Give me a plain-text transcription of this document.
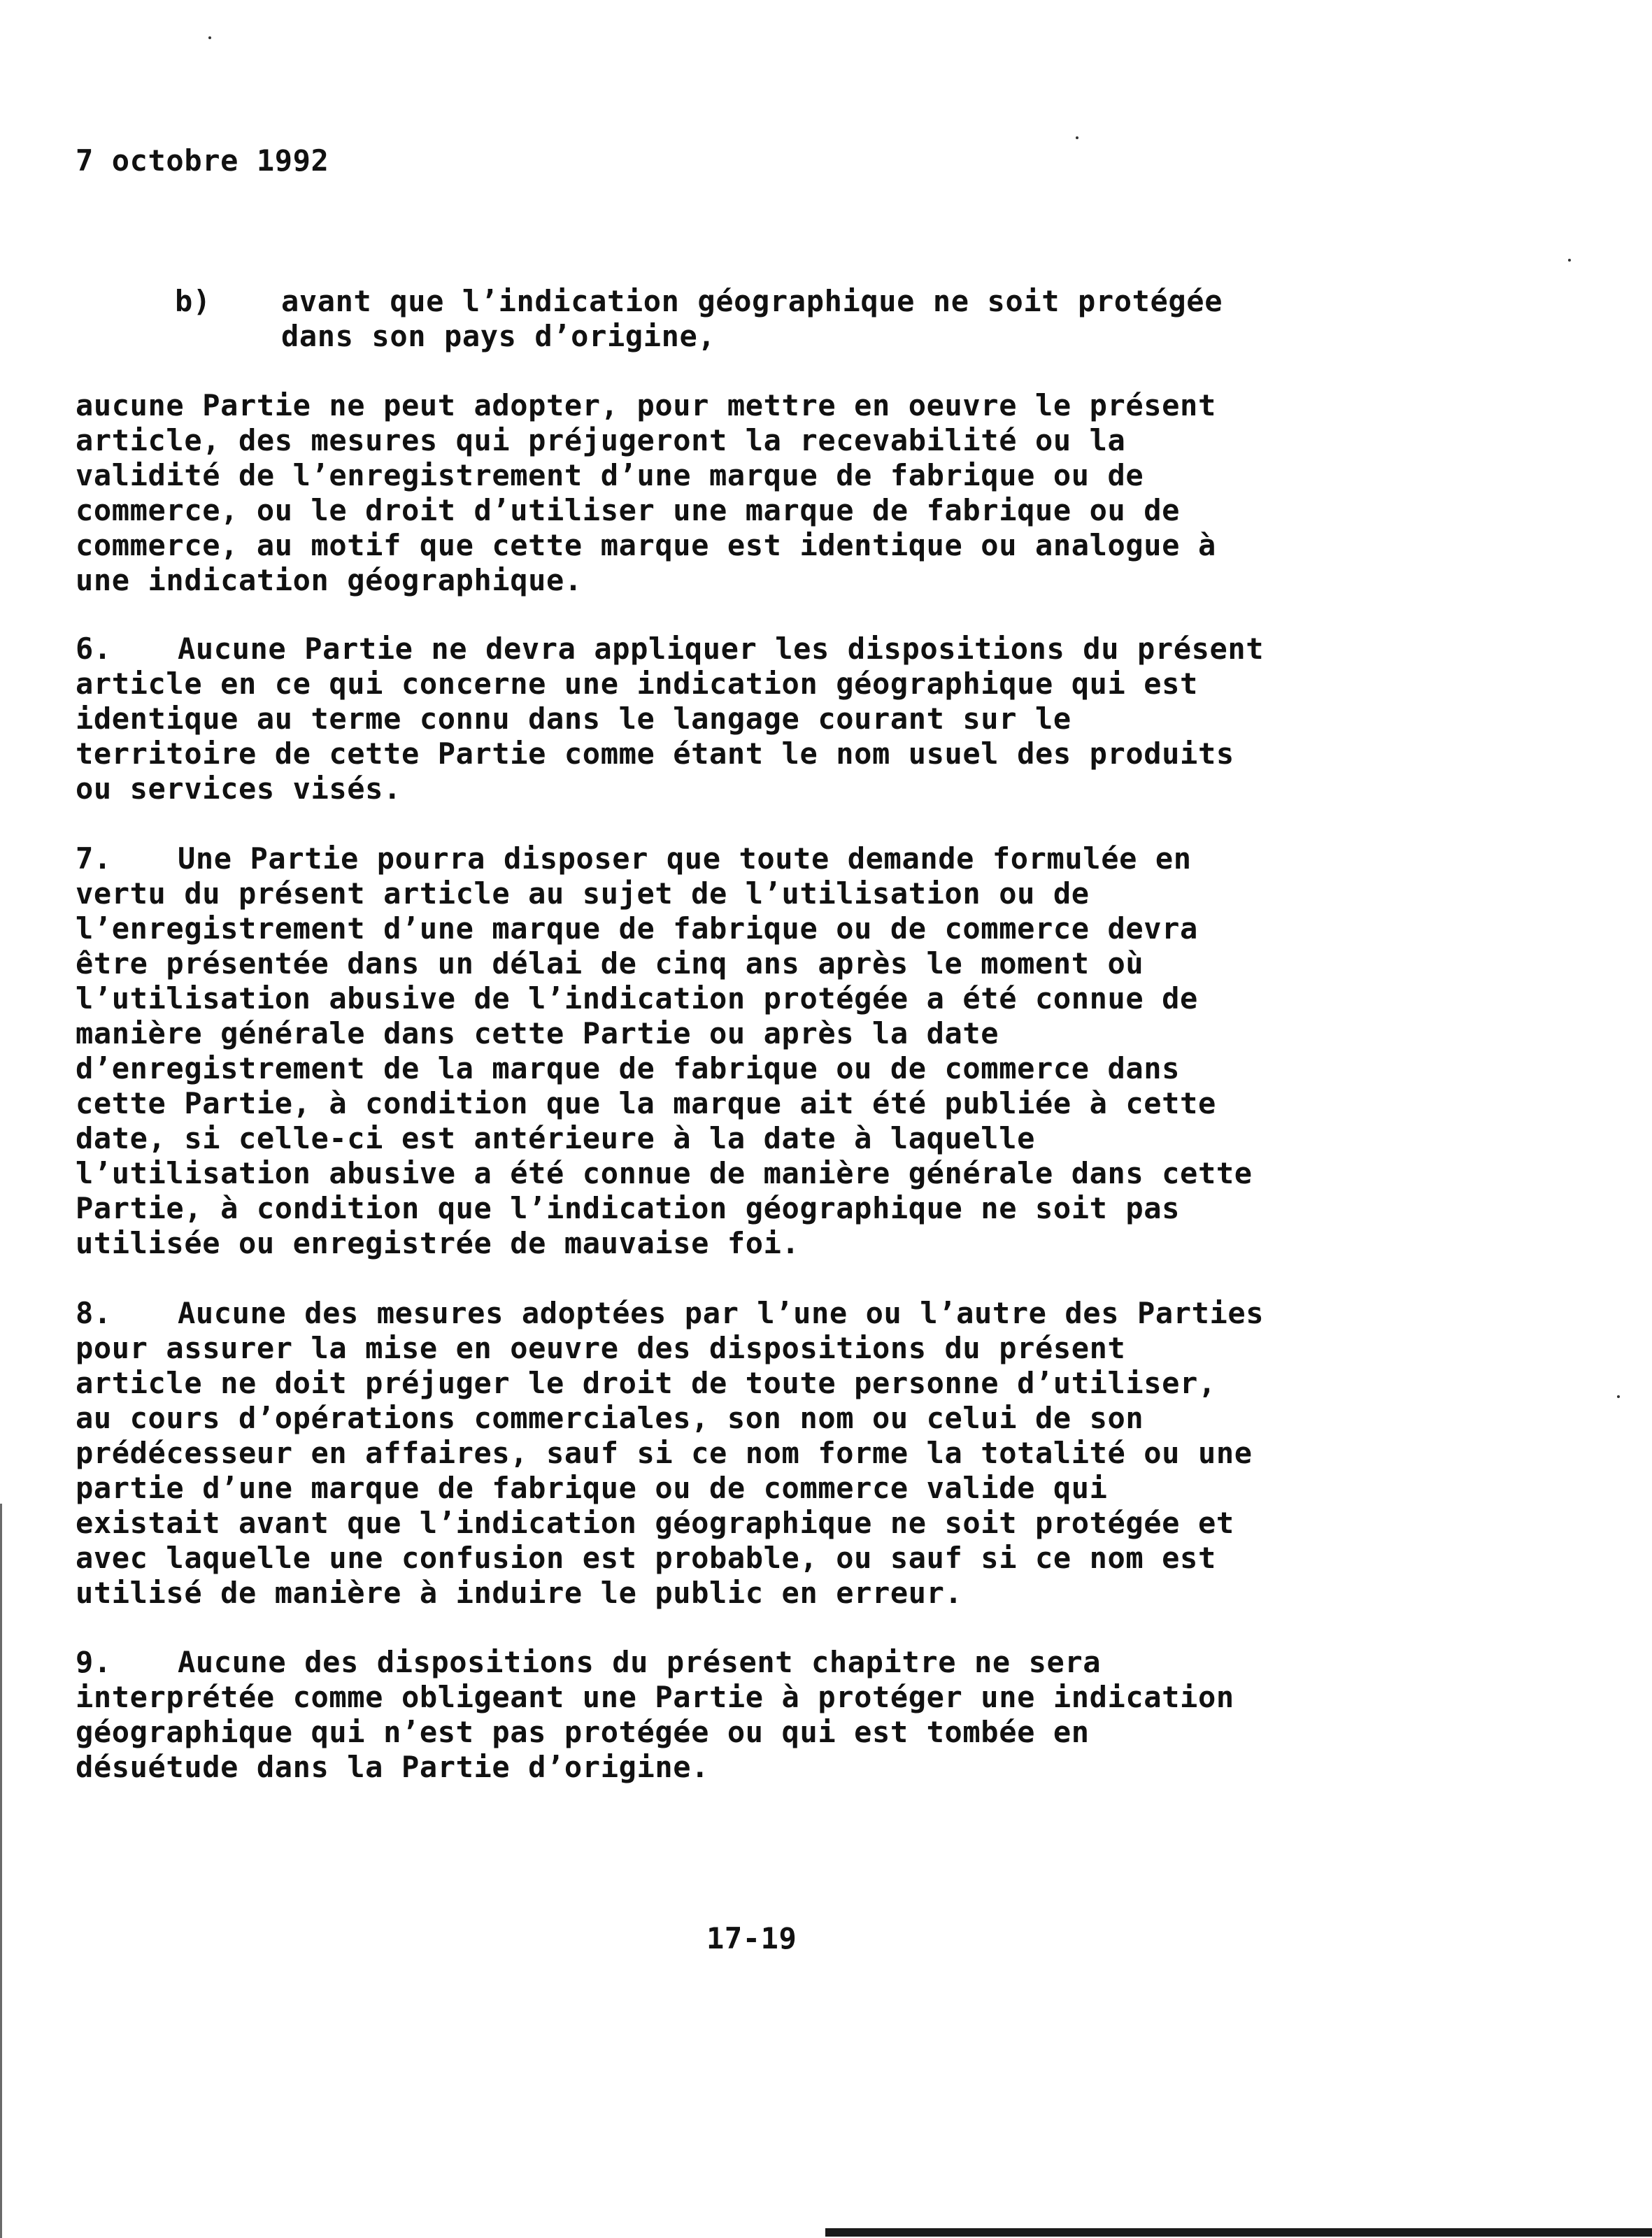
7 octobre 1992
b) avant que l’indication géographique ne soit protégée
dans son pays d’origine,
aucune Partie ne peut adopter, pour mettre en oeuvre le présent
article, des mesures qui préjugeront la recevabilité ou la
validité de l’enregistrement d’une marque de fabrique ou de
commerce, ou le droit d’utiliser une marque de fabrique ou de
commerce, au motif que cette marque est identique ou analogue à
une indication géographique.
6. Aucune Partie ne devra appliquer les dispositions du présent
article en ce qui concerne une indication géographique qui est
identique au terme connu dans le langage courant sur le
territoire de cette Partie comme étant le nom usuel des produits
ou services visés.
7. Une Partie pourra disposer que toute demande formulée en
vertu du présent article au sujet de l’utilisation ou de
l’enregistrement d’une marque de fabrique ou de commerce devra
être présentée dans un délai de cinq ans après le moment où
l’utilisation abusive de l’indication protégée a été connue de
manière générale dans cette Partie ou après la date
d’enregistrement de la marque de fabrique ou de commerce dans
cette Partie, à condition que la marque ait été publiée à cette
date, si celle-ci est antérieure à la date à laquelle
l’utilisation abusive a été connue de manière générale dans cette
Partie, à condition que l’indication géographique ne soit pas
utilisée ou enregistrée de mauvaise foi.
8. Aucune des mesures adoptées par l’une ou l’autre des Parties
pour assurer la mise en oeuvre des dispositions du présent
article ne doit préjuger le droit de toute personne d’utiliser,
au cours d’opérations commerciales, son nom ou celui de son
prédécesseur en affaires, sauf si ce nom forme la totalité ou une
partie d’une marque de fabrique ou de commerce valide qui
existait avant que l’indication géographique ne soit protégée et
avec laquelle une confusion est probable, ou sauf si ce nom est
utilisé de manière à induire le public en erreur.
9. Aucune des dispositions du présent chapitre ne sera
interprétée comme obligeant une Partie à protéger une indication
géographique qui n’est pas protégée ou qui est tombée en
désuétude dans la Partie d’origine.
17-19
